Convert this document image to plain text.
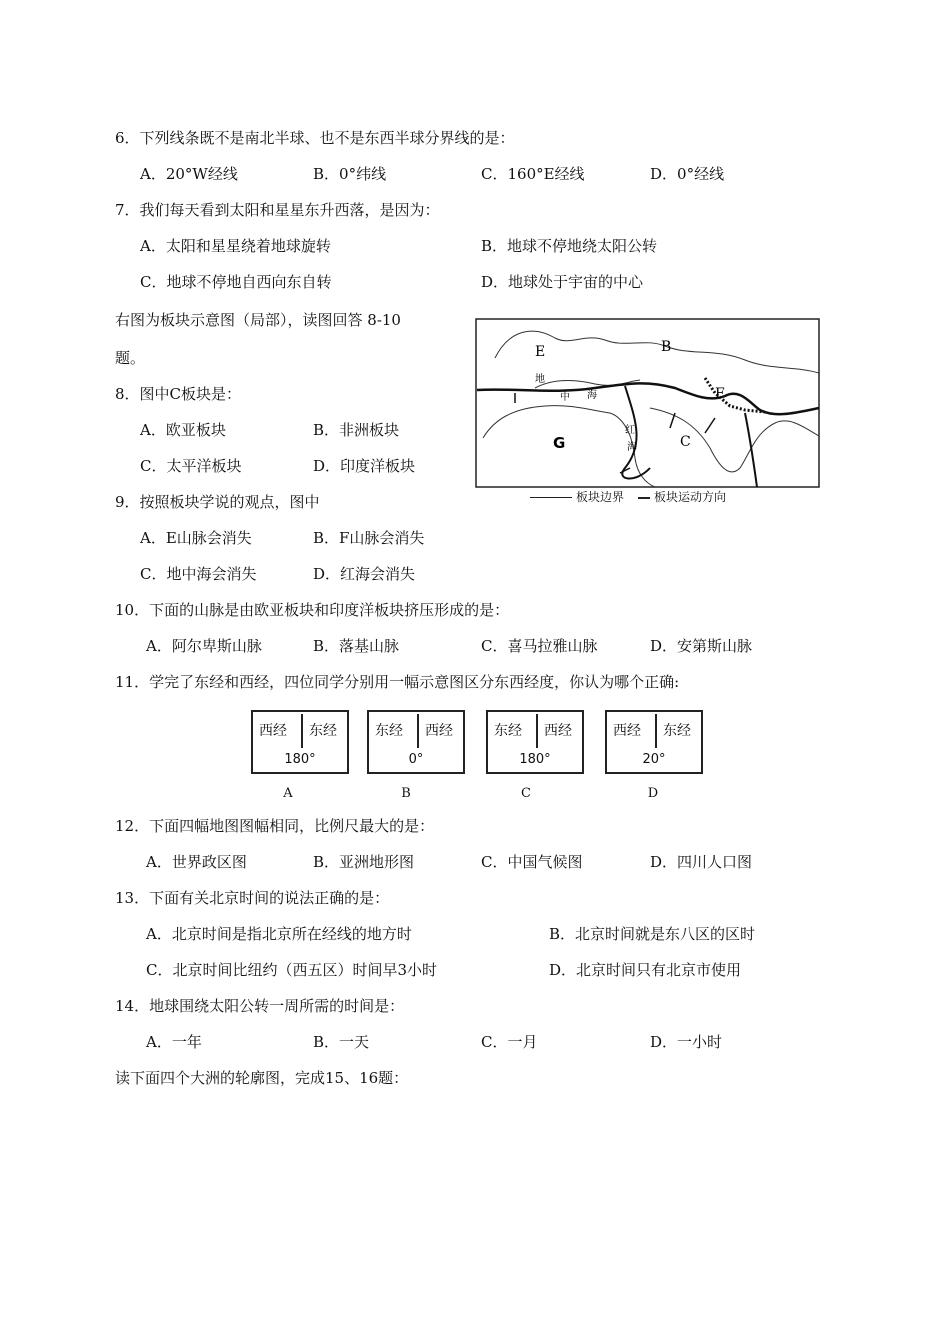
6．下列线条既不是南北半球、也不是东西半球分界线的是：
A．20°W经线	B．0°纬线	C．160°E经线	D．0°经线
7．我们每天看到太阳和星星东升西落，是因为：
A．太阳和星星绕着地球旋转	B．地球不停地绕太阳公转
C．地球不停地自西向东自转	D．地球处于宇宙的中心
右图为板块示意图（局部），读图回答 8-10
题。
B
E
F
C
G
地
中 海
红
海
板块边界	板块运动方向
8．图中C板块是：
A．欧亚板块	B．非洲板块
C．太平洋板块	D．印度洋板块
9．按照板块学说的观点，图中
A．E山脉会消失	B．F山脉会消失
C．地中海会消失	D．红海会消失
10．下面的山脉是由欧亚板块和印度洋板块挤压形成的是：
A．阿尔卑斯山脉	B．落基山脉	C．喜马拉雅山脉	D．安第斯山脉
11．学完了东经和西经，四位同学分别用一幅示意图区分东西经度，你认为哪个正确:
西经 东经
180°
东经 西经
0°
东经 西经
180°
西经 东经
20°
A	B	C	D
12．下面四幅地图图幅相同，比例尺最大的是：
A．世界政区图	B．亚洲地形图	C．中国气候图	D．四川人口图
13．下面有关北京时间的说法正确的是：
A．北京时间是指北京所在经线的地方时	B．北京时间就是东八区的区时
C．北京时间比纽约（西五区）时间早3小时	D．北京时间只有北京市使用
14．地球围绕太阳公转一周所需的时间是：
A．一年	B．一天	C．一月	D．一小时
读下面四个大洲的轮廓图，完成15、16题：
